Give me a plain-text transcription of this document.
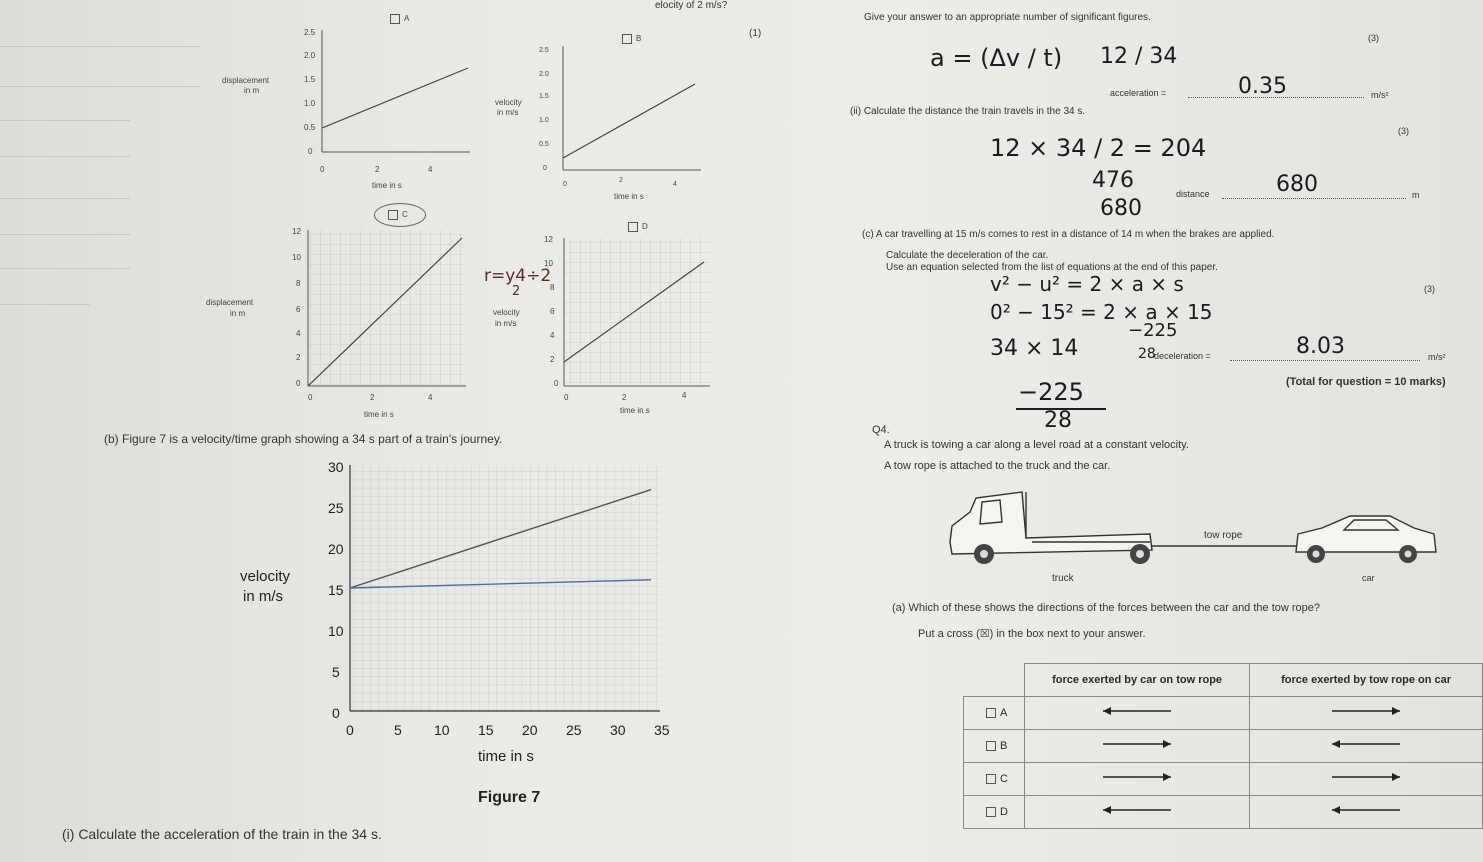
elocity of 2 m/s?
A
displacement
in m
time in s
2.5
2.0
1.5
1.0
0.5
0
0	2	4
B
velocity
in m/s
time in s
2.5
2.0
1.5
1.0
0.5
0
0
2
4
(1)
C
displacement
in m
time in s
12
10
8
6
4
2
0
0	2	4
D
velocity
in m/s
time in s
12
10
8
6
4
2
0
0	2	4
r=y4÷2
2
(b) Figure 7 is a velocity/time graph showing a 34 s part of a train's journey.
velocity
in m/s
time in s
Figure 7
30
25
20
15
10
5
0
0	5 10 15 20 25 30 35
(i) Calculate the acceleration of the train in the 34 s.
Give your answer to an appropriate number of significant figures.
(3)
a = (Δv / t) 12 / 34
acceleration =	0.35	m/s²
(ii) Calculate the distance the train travels in the 34 s.
(3)
12 × 34 / 2 = 204
476
680
distance	680	m
(c) A car travelling at 15 m/s comes to rest in a distance of 14 m when the brakes are applied.
Calculate the deceleration of the car.
Use an equation selected from the list of equations at the end of this paper.
(3)
v² − u² = 2 × a × s
0² − 15² = 2 × a × 15
34 × 14
−225
28
deceleration =	8.03	m/s²
(Total for question = 10 marks)
−225
28
Q4.
A truck is towing a car along a level road at a constant velocity.
A tow rope is attached to the truck and the car.
tow rope
truck	car
(a) Which of these shows the directions of the forces between the car and the tow rope?
Put a cross (☒) in the box next to your answer.
	force exerted by car on tow rope	force exerted by tow rope on car
A		
B		
C		
D		
